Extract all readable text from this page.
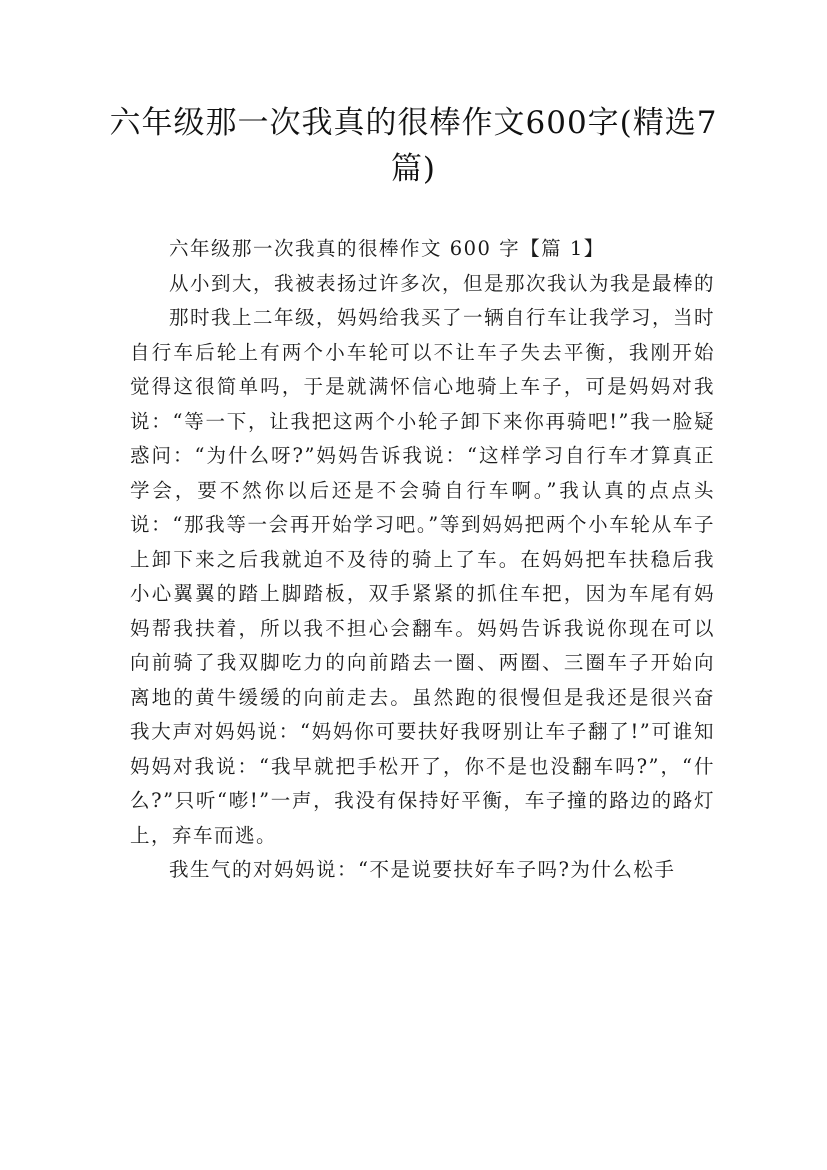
六年级那一次我真的很棒作文600字(精选7篇)

六年级那一次我真的很棒作文 600 字【篇 1】

从小到大，我被表扬过许多次，但是那次我认为我是最棒的

那时我上二年级，妈妈给我买了一辆自行车让我学习，当时自行车后轮上有两个小车轮可以不让车子失去平衡，我刚开始觉得这很简单吗，于是就满怀信心地骑上车子，可是妈妈对我说：“等一下，让我把这两个小轮子卸下来你再骑吧!”我一脸疑惑问：“为什么呀?”妈妈告诉我说：“这样学习自行车才算真正学会，要不然你以后还是不会骑自行车啊。”我认真的点点头说：“那我等一会再开始学习吧。”等到妈妈把两个小车轮从车子上卸下来之后我就迫不及待的骑上了车。在妈妈把车扶稳后我小心翼翼的踏上脚踏板，双手紧紧的抓住车把，因为车尾有妈妈帮我扶着，所以我不担心会翻车。妈妈告诉我说你现在可以向前骑了我双脚吃力的向前踏去一圈、两圈、三圈车子开始向离地的黄牛缓缓的向前走去。虽然跑的很慢但是我还是很兴奋我大声对妈妈说：“妈妈你可要扶好我呀别让车子翻了!”可谁知妈妈对我说：“我早就把手松开了，你不是也没翻车吗?”，“什么?”只听“嘭!”一声，我没有保持好平衡，车子撞的路边的路灯上，弃车而逃。

我生气的对妈妈说：“不是说要扶好车子吗?为什么松手
